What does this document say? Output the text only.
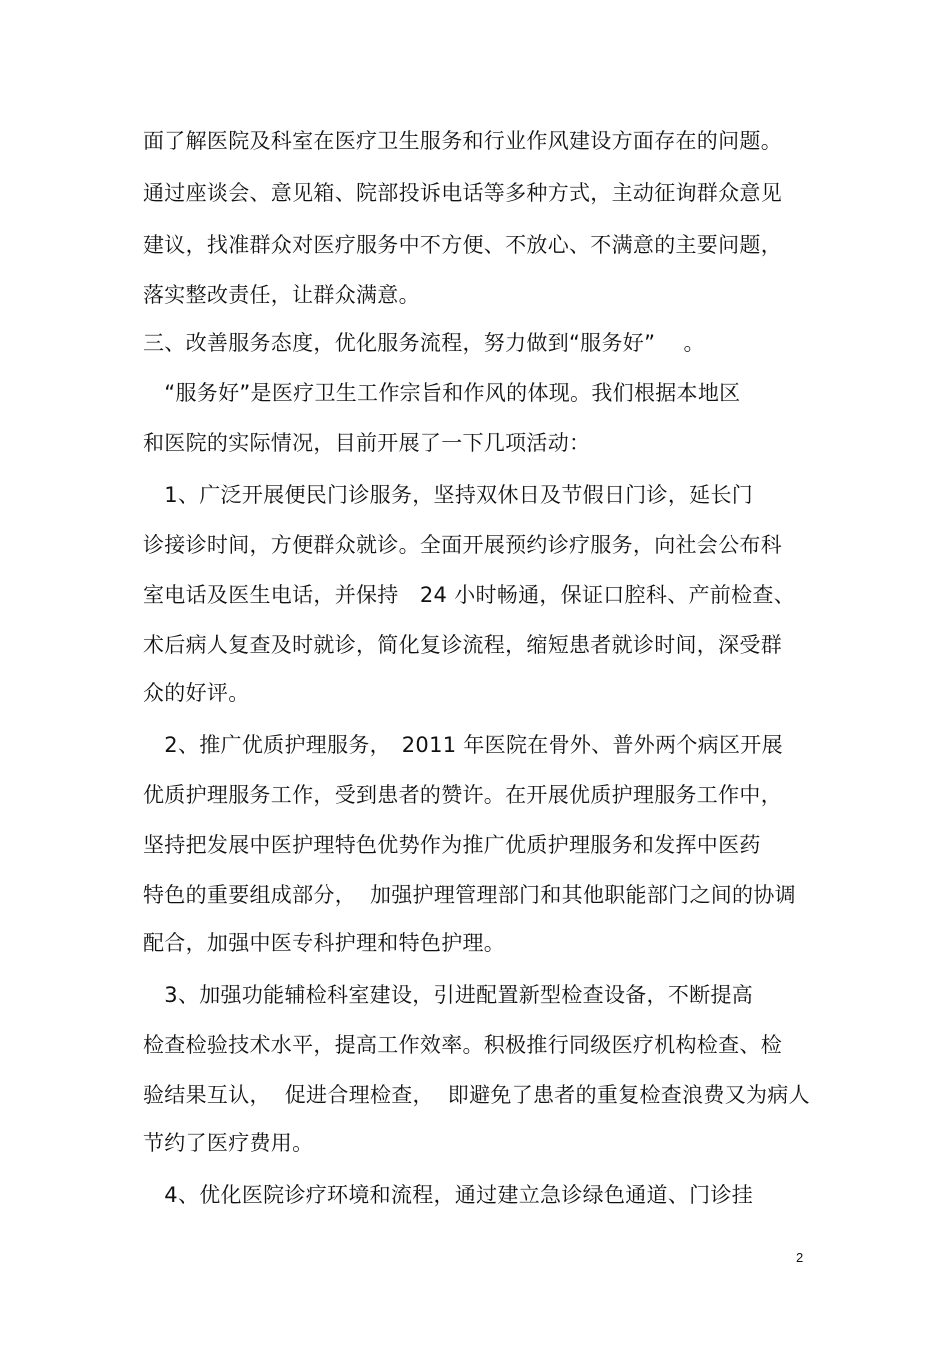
面了解医院及科室在医疗卫生服务和行业作风建设方面存在的问题。
通过座谈会、意见箱、院部投诉电话等多种方式，主动征询群众意见
建议，找准群众对医疗服务中不方便、不放心、不满意的主要问题，
落实整改责任，让群众满意。
三、改善服务态度，优化服务流程，努力做到“服务好”　 。
　“服务好”是医疗卫生工作宗旨和作风的体现。我们根据本地区
和医院的实际情况，目前开展了一下几项活动：
　1、广泛开展便民门诊服务，坚持双休日及节假日门诊，延长门
诊接诊时间，方便群众就诊。全面开展预约诊疗服务，向社会公布科
室电话及医生电话，并保持　24 小时畅通，保证口腔科、产前检查、
术后病人复查及时就诊，简化复诊流程，缩短患者就诊时间，深受群
众的好评。
　2、推广优质护理服务，　2011 年医院在骨外、普外两个病区开展
优质护理服务工作，受到患者的赞许。在开展优质护理服务工作中，
坚持把发展中医护理特色优势作为推广优质护理服务和发挥中医药
特色的重要组成部分，  加强护理管理部门和其他职能部门之间的协调
配合，加强中医专科护理和特色护理。
　3、加强功能辅检科室建设，引进配置新型检查设备，不断提高
检查检验技术水平，提高工作效率。积极推行同级医疗机构检查、检
验结果互认，  促进合理检查，  即避免了患者的重复检查浪费又为病人
节约了医疗费用。
　4、优化医院诊疗环境和流程，通过建立急诊绿色通道、门诊挂
2
